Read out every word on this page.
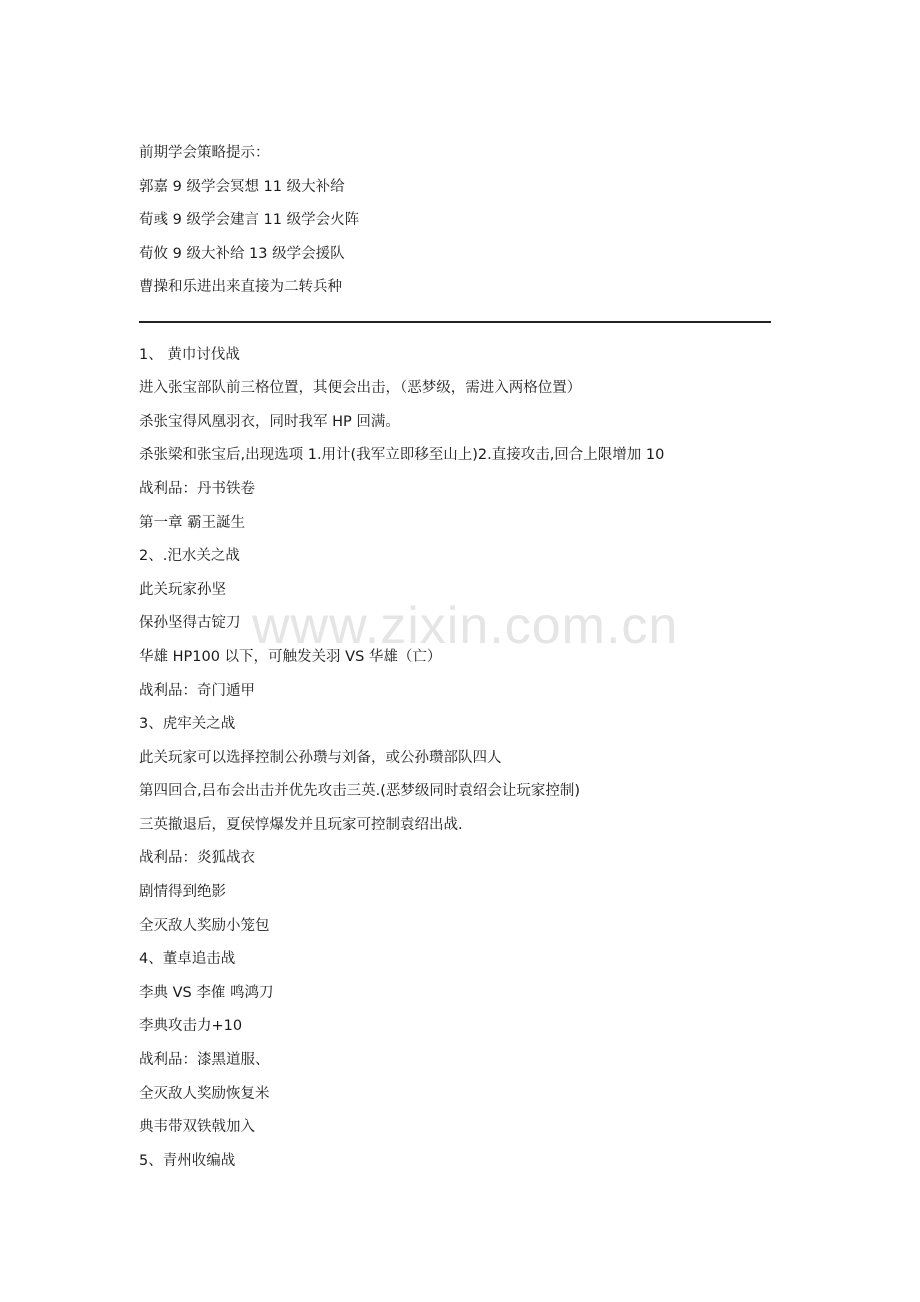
前期学会策略提示：
郭嘉 9 级学会冥想 11 级大补给
荀彧 9 级学会建言 11 级学会火阵
荀攸 9 级大补给 13 级学会援队
曹操和乐进出来直接为二转兵种
1、 黄巾讨伐战
进入张宝部队前三格位置，其便会出击，（恶梦级，需进入两格位置）
杀张宝得风凰羽衣，同时我军 HP 回满。
杀张梁和张宝后,出现选项 1.用计(我军立即移至山上)2.直接攻击,回合上限增加 10
战利品：丹书铁卷
第一章 霸王誕生
2、.汜水关之战
此关玩家孙坚
保孙坚得古锭刀
华雄 HP100 以下，可触发关羽 VS 华雄（亡）
战利品：奇门遁甲
3、虎牢关之战
此关玩家可以选择控制公孙瓒与刘备，或公孙瓒部队四人
第四回合,吕布会出击并优先攻击三英.(恶梦级同时袁绍会让玩家控制)
三英撤退后，夏侯惇爆发并且玩家可控制袁绍出战.
战利品：炎狐战衣
剧情得到绝影
全灭敌人奖励小笼包
4、董卓追击战
李典 VS 李傕 鸣鸿刀
李典攻击力+10
战利品：漆黑道服、
全灭敌人奖励恢复米
典韦带双铁戟加入
5、青州收编战
www.zixin.com.cn
